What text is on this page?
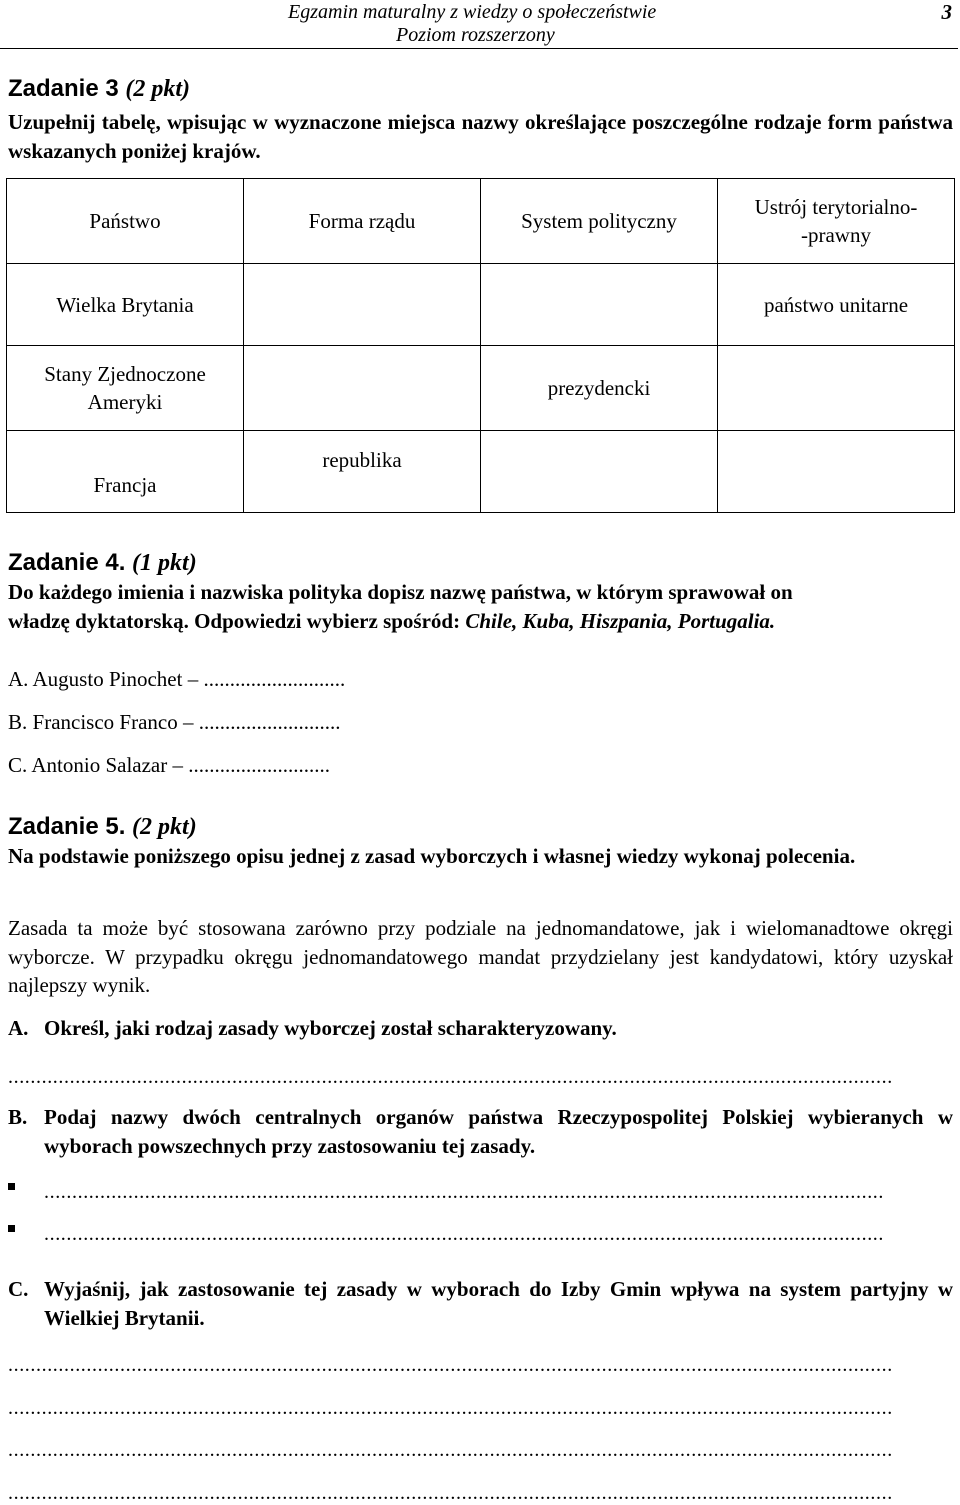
Egzamin maturalny z wiedzy o społeczeństwie
Poziom rozszerzony
3
Zadanie 3 (2 pkt)
Uzupełnij tabelę, wpisując w wyznaczone miejsca nazwy określające poszczególne rodzaje form państwa wskazanych poniżej krajów.
Państwo	Forma rządu	System polityczny	Ustrój terytorialno-
-prawny

Wielka Brytania			państwo unitarne

Stany Zjednoczone
Ameryki		prezydencki	
Francja	republika		
Zadanie 4. (1 pkt)
Do każdego imienia i nazwiska polityka dopisz nazwę państwa, w którym sprawował on
władzę dyktatorską. Odpowiedzi wybierz spośród: Chile, Kuba, Hiszpania, Portugalia.
A. Augusto Pinochet – ...........................
B. Francisco Franco – ...........................
C. Antonio Salazar – ...........................
Zadanie 5. (2 pkt)
Na podstawie poniższego opisu jednej z zasad wyborczych i własnej wiedzy wykonaj polecenia.
Zasada ta może być stosowana zarówno przy podziale na jednomandatowe, jak i wielomanadtowe okręgi wyborcze. W przypadku okręgu jednomandatowego mandat przydzielany jest kandydatowi, który uzyskał najlepszy wynik.
A. Określ, jaki rodzaj zasady wyborczej został scharakteryzowany.
..............................................................................................................................................................
B. Podaj nazwy dwóch centralnych organów państwa Rzeczypospolitej Polskiej wybieranych w wyborach powszechnych przy zastosowaniu tej zasady.
......................................................................................................................................................
......................................................................................................................................................
C. Wyjaśnij, jak zastosowanie tej zasady w wyborach do Izby Gmin wpływa na system partyjny w Wielkiej Brytanii.
..............................................................................................................................................................
..............................................................................................................................................................
..............................................................................................................................................................
..............................................................................................................................................................
